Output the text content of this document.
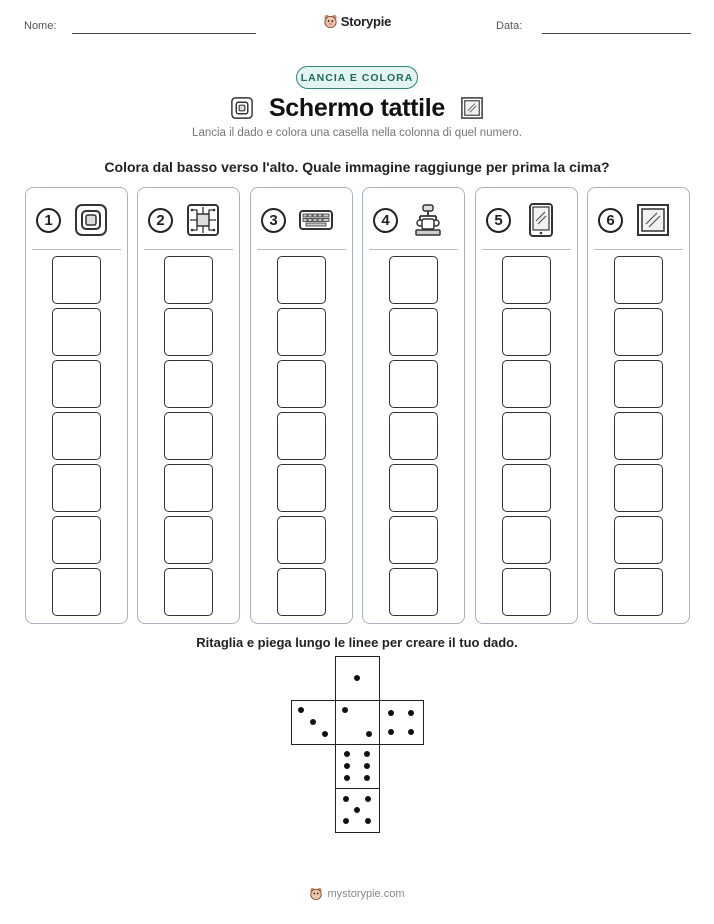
Nome:	Storypie	Data:
LANCIA E COLORA
Schermo tattile
Lancia il dado e colora una casella nella colonna di quel numero.
Colora dal basso verso l'alto. Quale immagine raggiunge per prima la cima?
1	2	3	4	5	6
Ritaglia e piega lungo le linee per creare il tuo dado.
mystorypie.com
